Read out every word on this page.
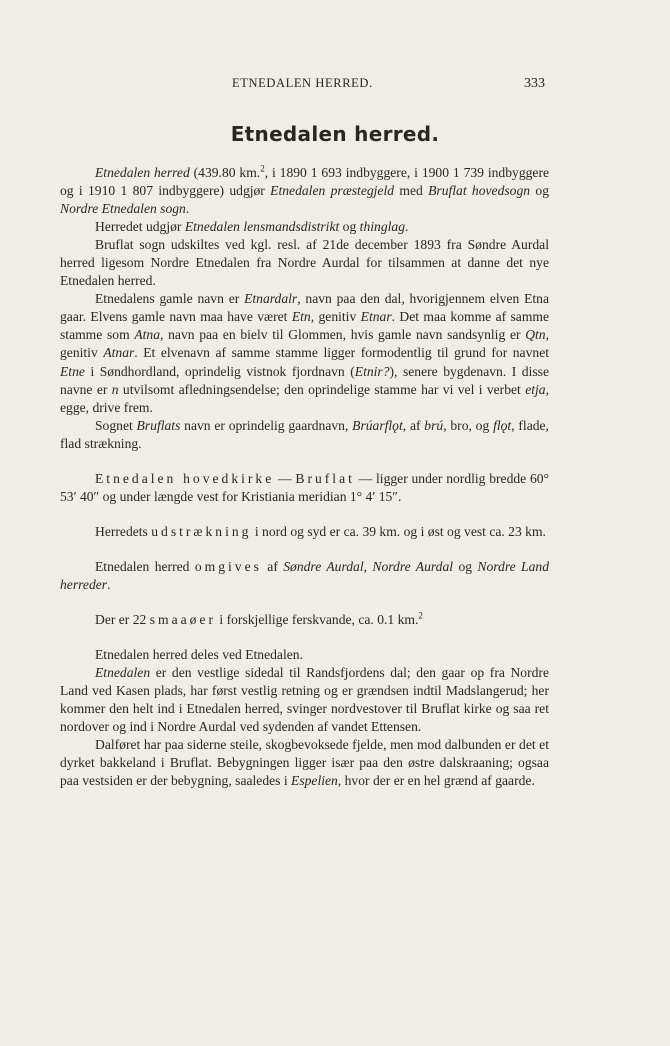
ETNEDALEN HERRED.	333
Etnedalen herred.

Etnedalen herred (439.80 km.$^2$, i 1890 1 693 indbyggere, i 1900 1 739 indbyggere og i 1910 1 807 indbyggere) udgjør Etnedalen præstegjeld med Bruflat hovedsogn og Nordre Etnedalen sogn.

Herredet udgjør Etnedalen lensmandsdistrikt og thinglag.

Bruflat sogn udskiltes ved kgl. resl. af 21de december 1893 fra Søndre Aurdal herred ligesom Nordre Etnedalen fra Nordre Aurdal for tilsammen at danne det nye Etnedalen herred.

Etnedalens gamle navn er Etnardalr, navn paa den dal, hvorigjennem elven Etna gaar. Elvens gamle navn maa have været Etn, genitiv Etnar. Det maa komme af samme stamme som Atna, navn paa en bielv til Glommen, hvis gamle navn sandsynlig er Qtn, genitiv Atnar. Et elvenavn af samme stamme ligger formodentlig til grund for navnet Etne i Søndhordland, oprindelig vistnok fjordnavn (Etnir?), senere bygdenavn. I disse navne er n utvilsomt afledningsendelse; den oprindelige stamme har vi vel i verbet etja, egge, drive frem.

Sognet Bruflats navn er oprindelig gaardnavn, Brúarflǫt, af brú, bro, og flǫt, flade, flad strækning.

Etnedalen hovedkirke — Bruflat — ligger under nordlig bredde 60° 53′ 40″ og under længde vest for Kristiania meridian 1° 4′ 15″.

Herredets udstrækning i nord og syd er ca. 39 km. og i øst og vest ca. 23 km.

Etnedalen herred omgives af Søndre Aurdal, Nordre Aurdal og Nordre Land herreder.

Der er 22 smaaøer i forskjellige ferskvande, ca. 0.1 km.$^2$

Etnedalen herred deles ved Etnedalen.

Etnedalen er den vestlige sidedal til Randsfjordens dal; den gaar op fra Nordre Land ved Kasen plads, har først vestlig retning og er grændsen indtil Madslangerud; her kommer den helt ind i Etnedalen herred, svinger nordvestover til Bruflat kirke og saa ret nordover og ind i Nordre Aurdal ved sydenden af vandet Ettensen.

Dalføret har paa siderne steile, skogbevoksede fjelde, men mod dalbunden er det et dyrket bakkeland i Bruflat. Bebygningen ligger især paa den østre dalskraaning; ogsaa paa vestsiden er der bebygning, saaledes i Espelien, hvor der er en hel grænd af gaarde.
